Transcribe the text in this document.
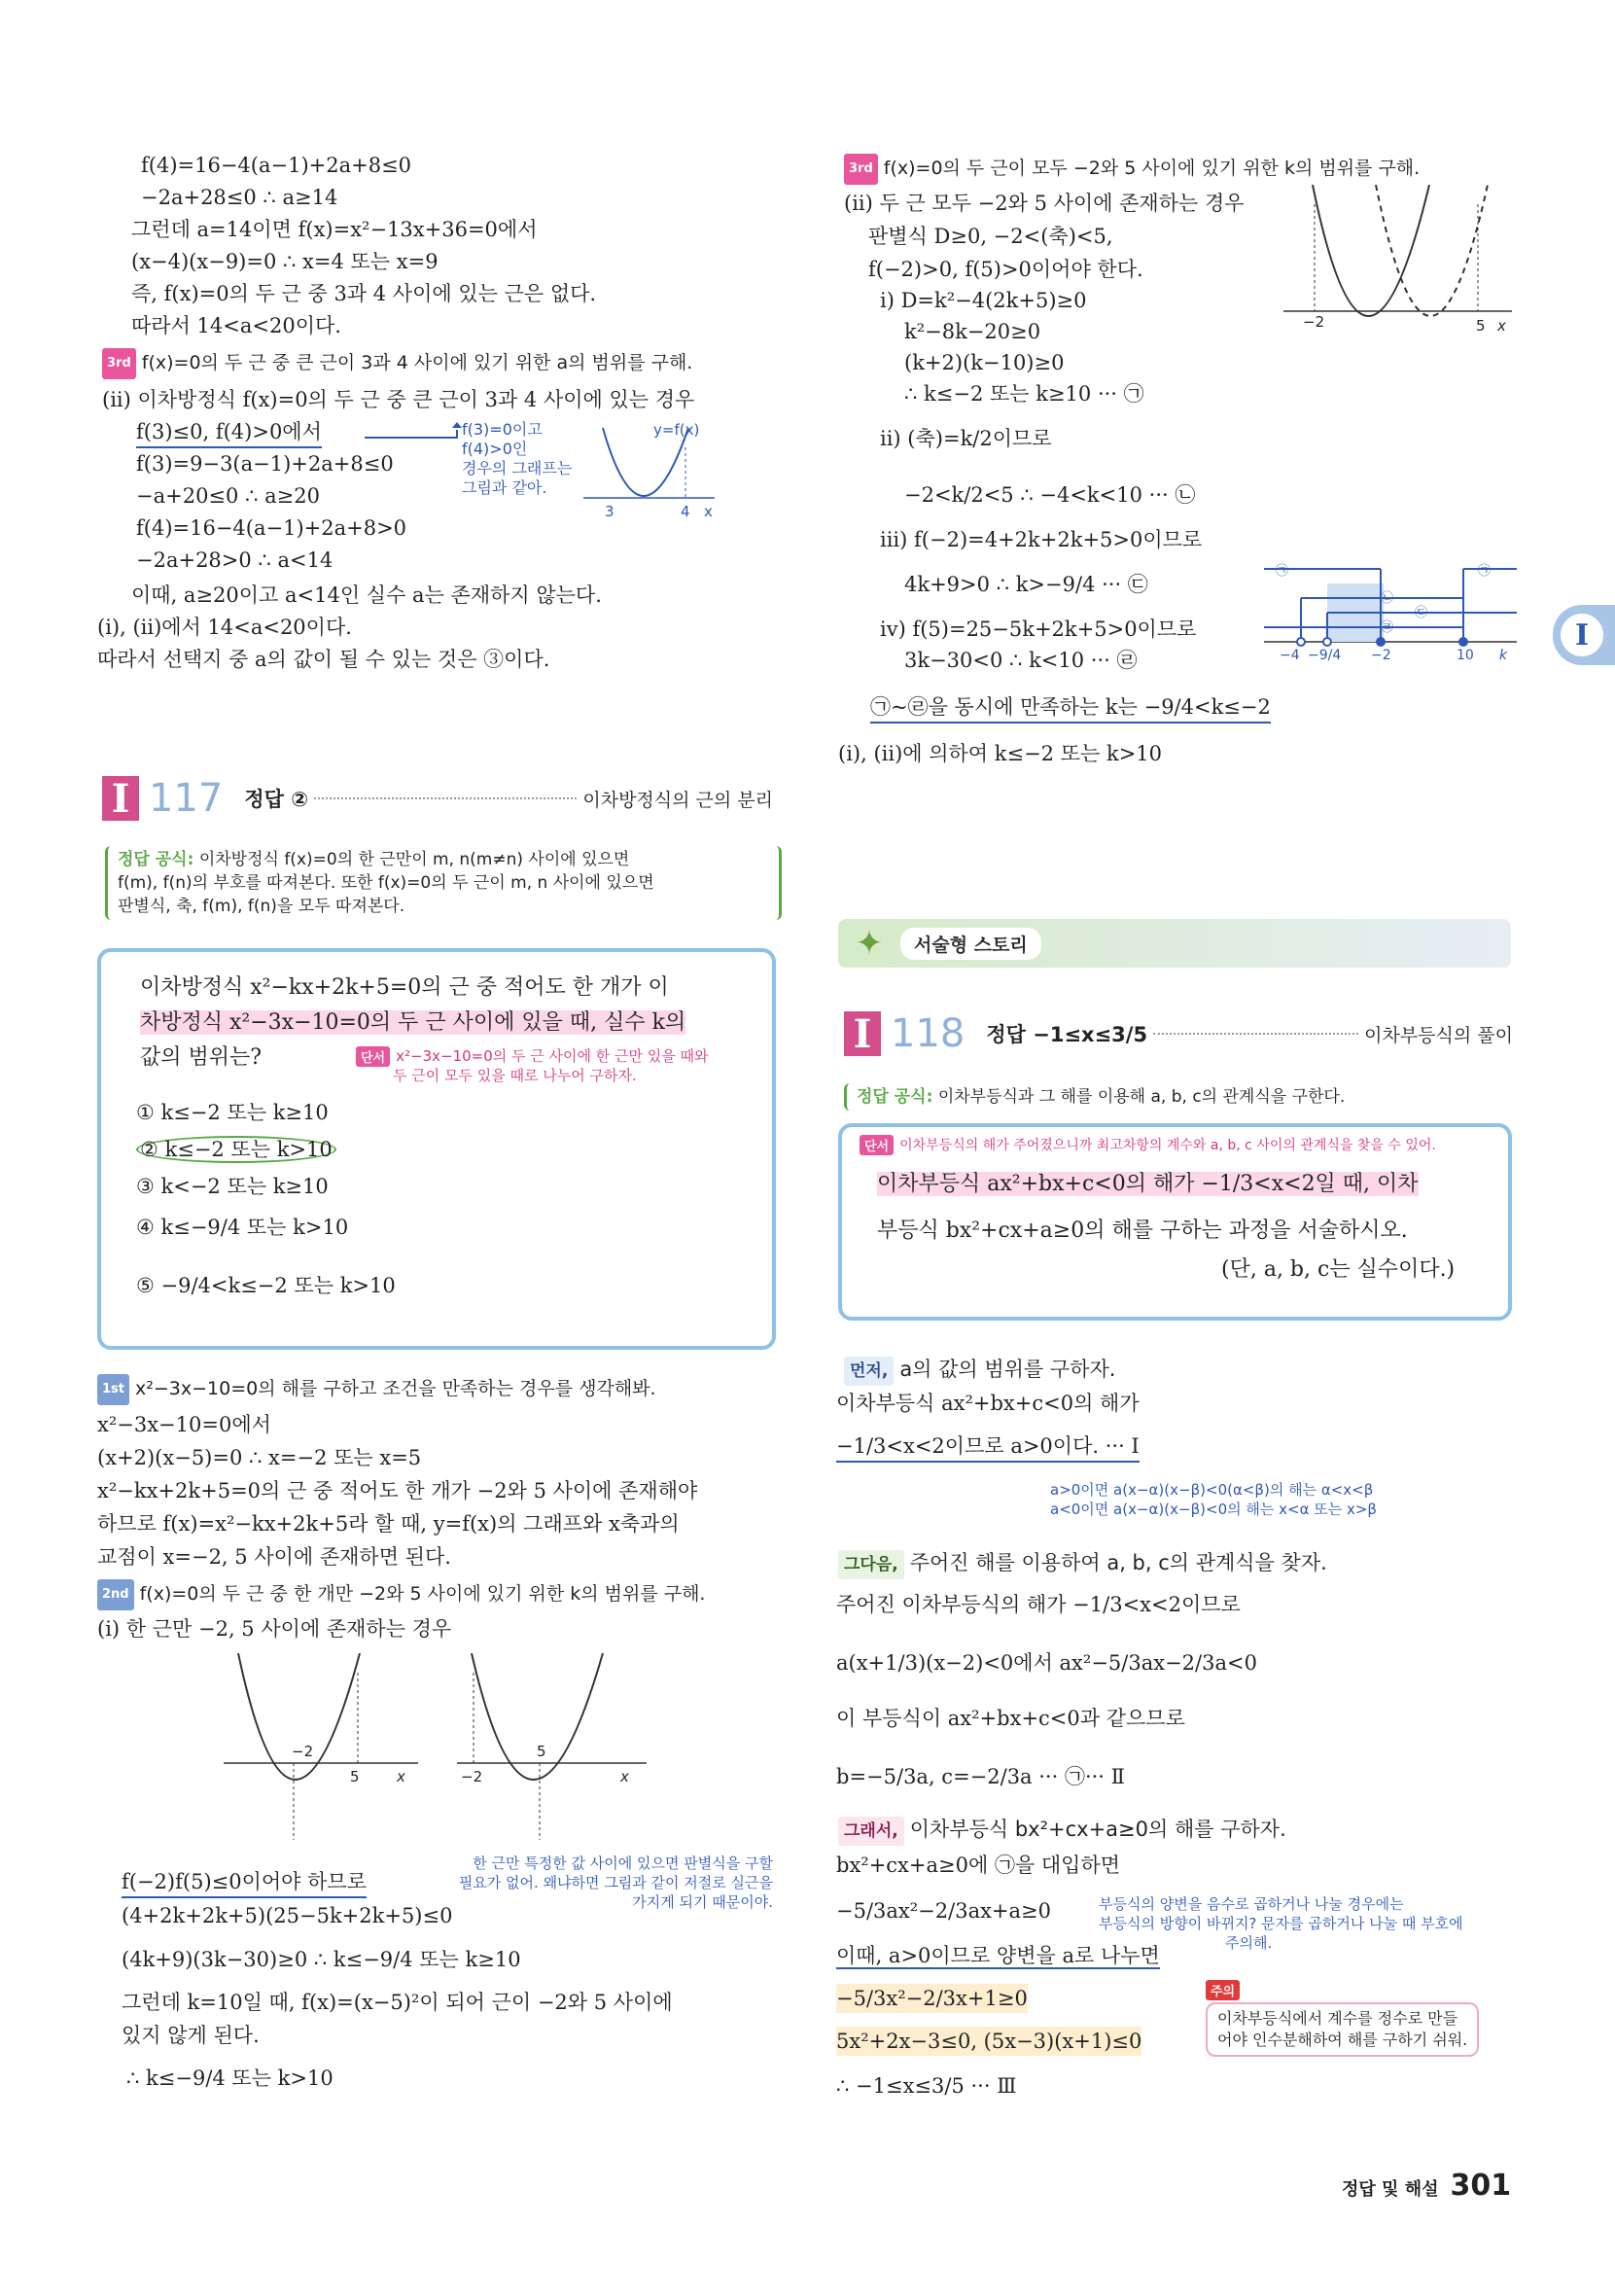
f(4)=16−4(a−1)+2a+8≤0
−2a+28≤0 ∴ a≥14
그런데 a=14이면 f(x)=x²−13x+36=0에서
(x−4)(x−9)=0 ∴ x=4 또는 x=9
즉, f(x)=0의 두 근 중 3과 4 사이에 있는 근은 없다.
따라서 14<a<20이다.
3rd f(x)=0의 두 근 중 큰 근이 3과 4 사이에 있기 위한 a의 범위를 구해.
(ii) 이차방정식 f(x)=0의 두 근 중 큰 근이 3과 4 사이에 있는 경우
f(3)≤0, f(4)>0에서
f(3)=9−3(a−1)+2a+8≤0
−a+20≤0 ∴ a≥20
f(4)=16−4(a−1)+2a+8>0
−2a+28>0 ∴ a<14
이때, a≥20이고 a<14인 실수 a는 존재하지 않는다.
(i), (ii)에서 14<a<20이다.
따라서 선택지 중 a의 값이 될 수 있는 것은 ③이다.
f(3)=0이고
f(4)>0인
경우의 그래프는
그림과 같아.
y=f(x)
3	4 x
I 117 정답 ②	이차방정식의 근의 분리
정답 공식: 이차방정식 f(x)=0의 한 근만이 m, n(m≠n) 사이에 있으면
f(m), f(n)의 부호를 따져본다. 또한 f(x)=0의 두 근이 m, n 사이에 있으면
판별식, 축, f(m), f(n)을 모두 따져본다.
이차방정식 x²−kx+2k+5=0의 근 중 적어도 한 개가 이
차방정식 x²−3x−10=0의 두 근 사이에 있을 때, 실수 k의
값의 범위는?	단서 x²−3x−10=0의 두 근 사이에 한 근만 있을 때와
두 근이 모두 있을 때로 나누어 구하자.
① k≤−2 또는 k≥10
② k≤−2 또는 k>10
③ k<−2 또는 k≥10
④ k≤−9/4 또는 k>10
⑤ −9/4<k≤−2 또는 k>10
1st x²−3x−10=0의 해를 구하고 조건을 만족하는 경우를 생각해봐.
x²−3x−10=0에서
(x+2)(x−5)=0 ∴ x=−2 또는 x=5
x²−kx+2k+5=0의 근 중 적어도 한 개가 −2와 5 사이에 존재해야
하므로 f(x)=x²−kx+2k+5라 할 때, y=f(x)의 그래프와 x축과의
교점이 x=−2, 5 사이에 존재하면 된다.
2nd f(x)=0의 두 근 중 한 개만 −2와 5 사이에 있기 위한 k의 범위를 구해.
(i) 한 근만 −2, 5 사이에 존재하는 경우
−2
5	x	−2
5
x
f(−2)f(5)≤0이어야 하므로
(4+2k+2k+5)(25−5k+2k+5)≤0
한 근만 특정한 값 사이에 있으면 판별식을 구할
필요가 없어. 왜냐하면 그림과 같이 저절로 실근을
가지게 되기 때문이야.
(4k+9)(3k−30)≥0 ∴ k≤−9/4 또는 k≥10
그런데 k=10일 때, f(x)=(x−5)²이 되어 근이 −2와 5 사이에
있지 않게 된다.
∴ k≤−9/4 또는 k>10
3rd f(x)=0의 두 근이 모두 −2와 5 사이에 있기 위한 k의 범위를 구해.
(ii) 두 근 모두 −2와 5 사이에 존재하는 경우
판별식 D≥0, −2<(축)<5,
f(−2)>0, f(5)>0이어야 한다.
i) D=k²−4(2k+5)≥0
k²−8k−20≥0
(k+2)(k−10)≥0
∴ k≤−2 또는 k≥10 ··· ㉠
ii) (축)=k/2이므로
−2<k/2<5 ∴ −4<k<10 ··· ㉡
iii) f(−2)=4+2k+2k+5>0이므로
4k+9>0 ∴ k>−9/4 ··· ㉢
iv) f(5)=25−5k+2k+5>0이므로
3k−30<0 ∴ k<10 ··· ㉣
㉠~㉣을 동시에 만족하는 k는 −9/4<k≤−2
(i), (ii)에 의하여 k≤−2 또는 k>10
−2	5 x
−4 −9/4 −2	10 k
㉠
㉡
㉢
㉣
㉠
I
✦	서술형 스토리
I 118 정답 −1≤x≤3/5	이차부등식의 풀이
정답 공식: 이차부등식과 그 해를 이용해 a, b, c의 관계식을 구한다.
단서 이차부등식의 해가 주어졌으니까 최고차항의 계수와 a, b, c 사이의 관계식을 찾을 수 있어.
이차부등식 ax²+bx+c<0의 해가 −1/3<x<2일 때, 이차
부등식 bx²+cx+a≥0의 해를 구하는 과정을 서술하시오.
(단, a, b, c는 실수이다.)
먼저, a의 값의 범위를 구하자.
이차부등식 ax²+bx+c<0의 해가
−1/3<x<2이므로 a>0이다. ··· Ⅰ
a>0이면 a(x−α)(x−β)<0(α<β)의 해는 α<x<β
a<0이면 a(x−α)(x−β)<0의 해는 x<α 또는 x>β
그다음, 주어진 해를 이용하여 a, b, c의 관계식을 찾자.
주어진 이차부등식의 해가 −1/3<x<2이므로
a(x+1/3)(x−2)<0에서 ax²−5/3ax−2/3a<0
이 부등식이 ax²+bx+c<0과 같으므로
b=−5/3a, c=−2/3a ··· ㉠··· Ⅱ
그래서, 이차부등식 bx²+cx+a≥0의 해를 구하자.
bx²+cx+a≥0에 ㉠을 대입하면
−5/3ax²−2/3ax+a≥0
이때, a>0이므로 양변을 a로 나누면
부등식의 양변을 음수로 곱하거나 나눌 경우에는
부등식의 방향이 바뀌지? 문자를 곱하거나 나눌 때 부호에
주의해.
−5/3x²−2/3x+1≥0
5x²+2x−3≤0, (5x−3)(x+1)≤0
∴ −1≤x≤3/5 ··· Ⅲ
주의
이차부등식에서 계수를 정수로 만들
어야 인수분해하여 해를 구하기 쉬워.
정답 및 해설 301
